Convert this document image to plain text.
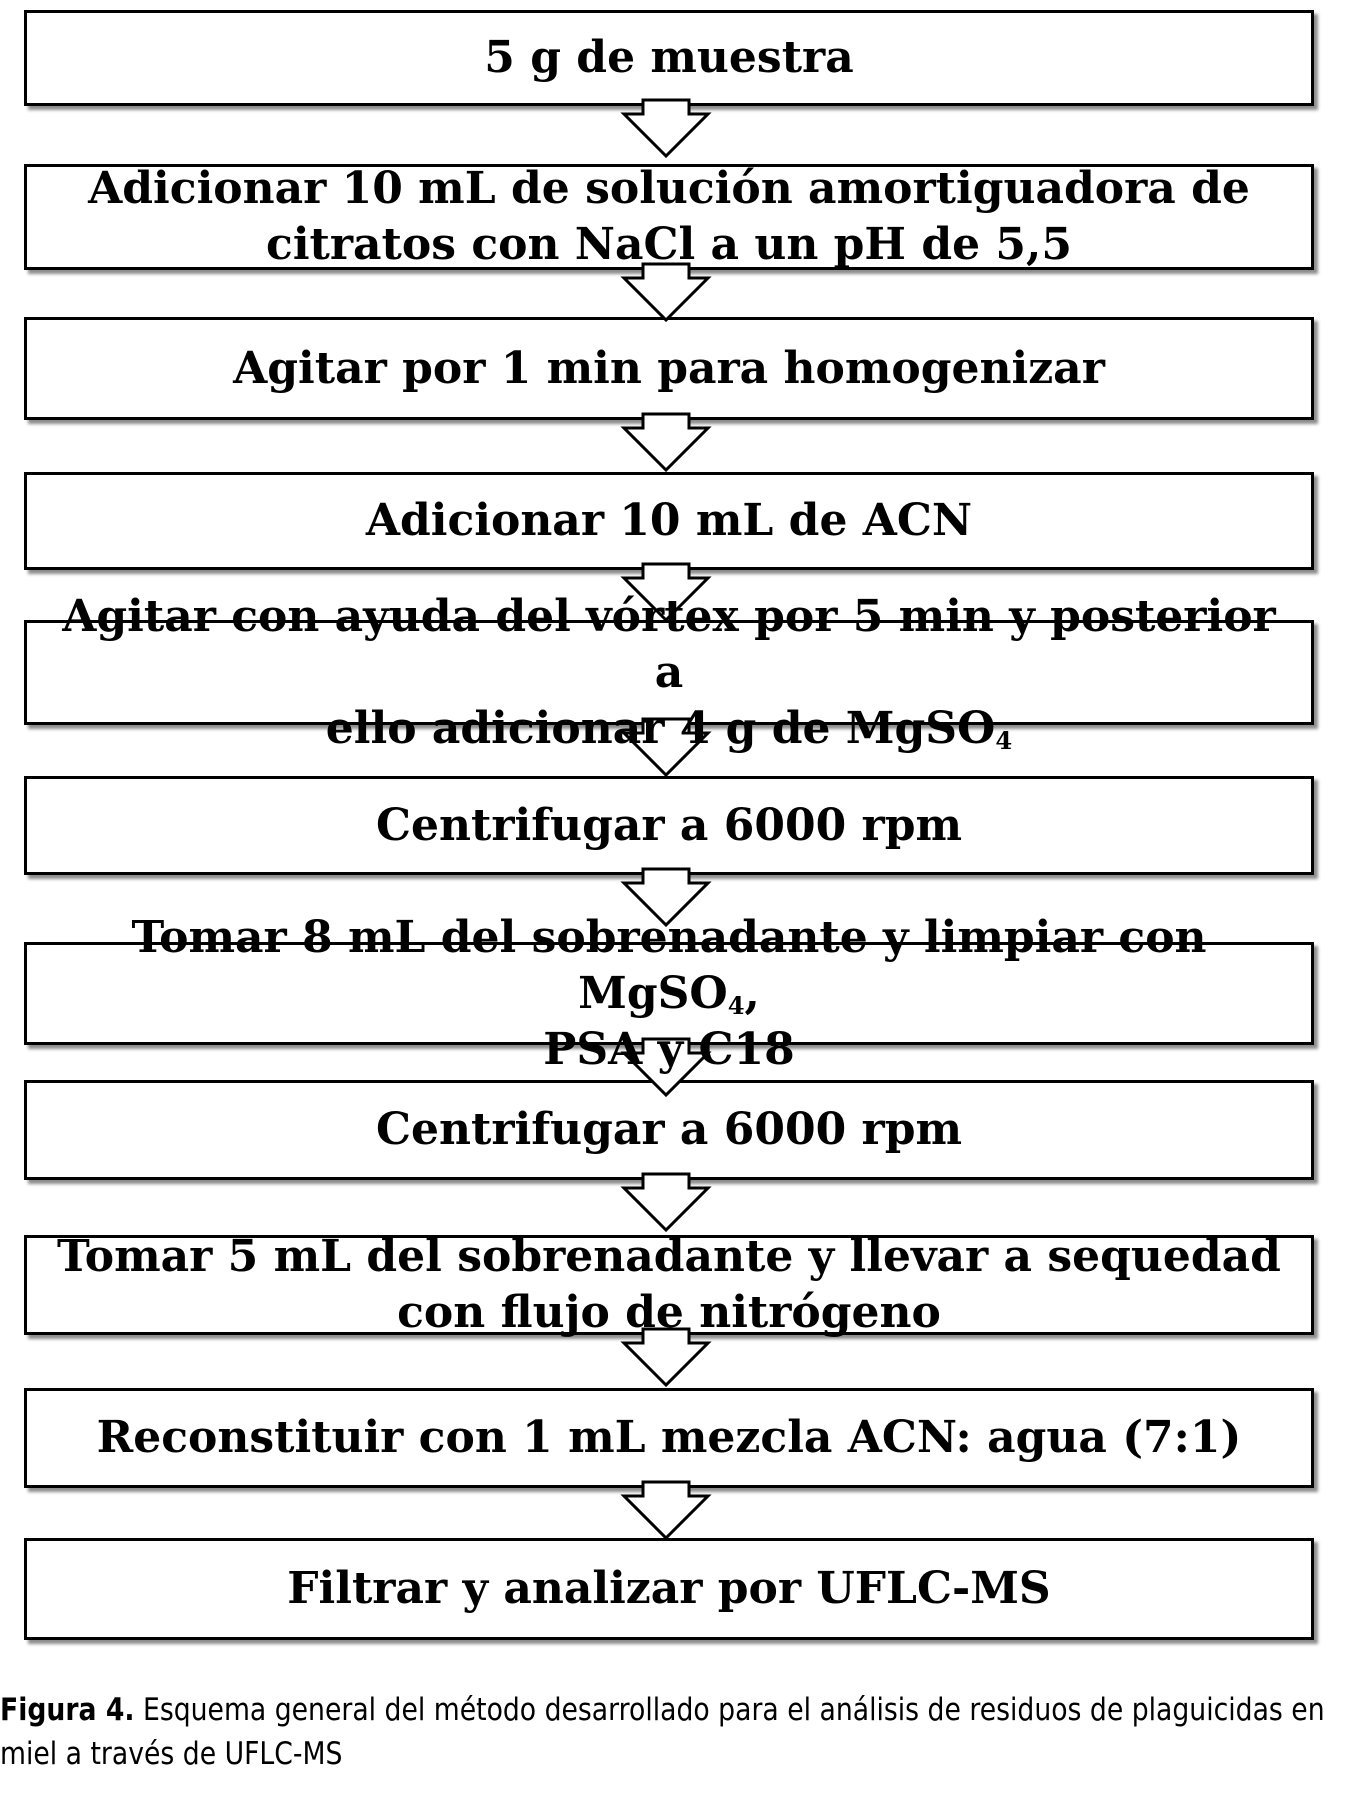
5 g de muestra
Adicionar 10 mL de solución amortiguadora de
citratos con NaCl a un pH de 5,5
Agitar por 1 min para homogenizar
Adicionar 10 mL de ACN
Agitar con ayuda del vórtex por 5 min y posterior a
ello adicionar 4 g de MgSO$_4$
Centrifugar a 6000 rpm
Tomar 8 mL del sobrenadante y limpiar con MgSO$_4$,
PSA y C18
Centrifugar a 6000 rpm
Tomar 5 mL del sobrenadante y llevar a sequedad
con flujo de nitrógeno
Reconstituir con 1 mL mezcla ACN: agua (7:1)
Filtrar y analizar por UFLC-MS
Figura 4. Esquema general del método desarrollado para el análisis de residuos de plaguicidas en miel a través de UFLC-MS
